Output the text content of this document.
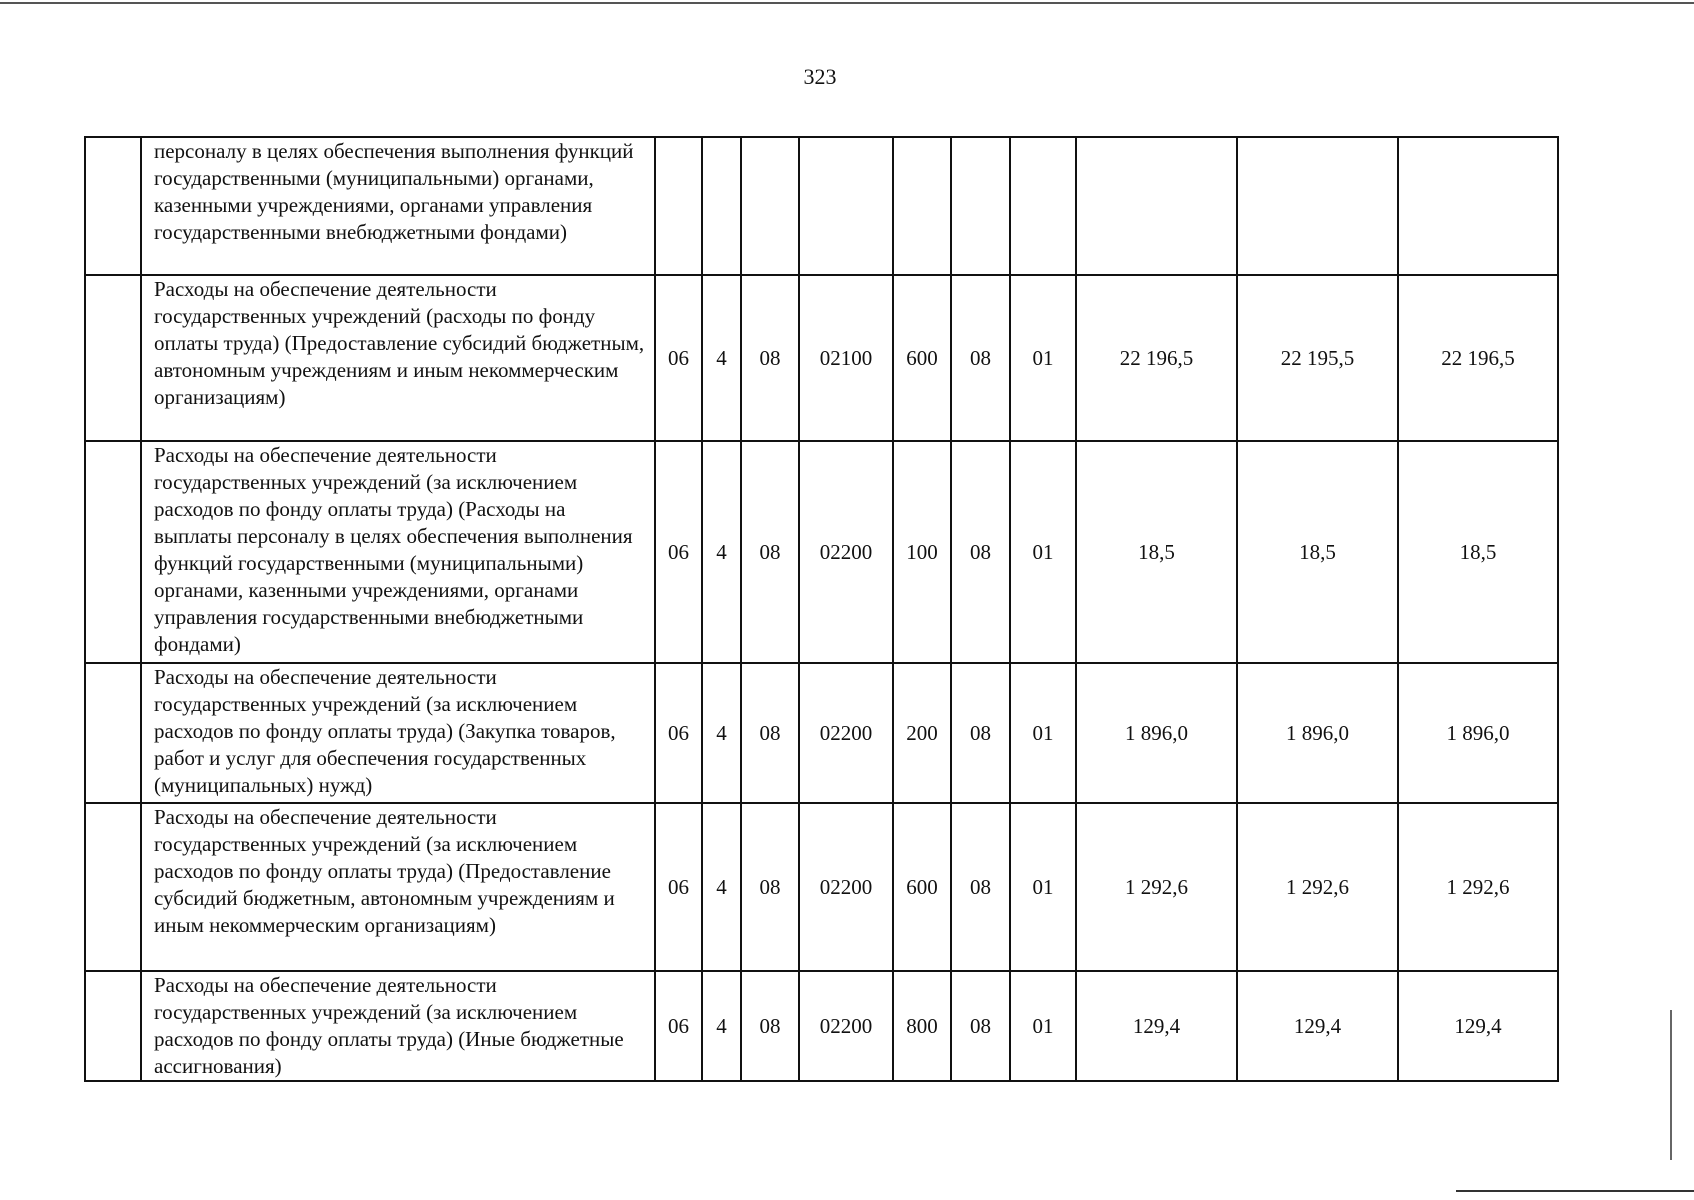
323
	персоналу в целях обеспечения выполнения функций государственными (муниципальными) органами, казенными учреждениями, органами управления государственными внебюджетными фондами)										
	Расходы на обеспечение деятельности государственных учреждений (расходы по фонду оплаты труда) (Предоставление субсидий бюджетным, автономным учреждениям и иным некоммерческим организациям)	06	4	08	02100	600	08	01	22 196,5	22 195,5	22 196,5
	Расходы на обеспечение деятельности государственных учреждений (за исключением расходов по фонду оплаты труда) (Расходы на выплаты персоналу в целях обеспечения выполнения функций государственными (муниципальными) органами, казенными учреждениями, органами управления государственными внебюджетными фондами)	06	4	08	02200	100	08	01	18,5	18,5	18,5
	Расходы на обеспечение деятельности государственных учреждений (за исключением расходов по фонду оплаты труда) (Закупка товаров, работ и услуг для обеспечения государственных (муниципальных) нужд)	06	4	08	02200	200	08	01	1 896,0	1 896,0	1 896,0
	Расходы на обеспечение деятельности государственных учреждений (за исключением расходов по фонду оплаты труда) (Предоставление субсидий бюджетным, автономным учреждениям и иным некоммерческим организациям)	06	4	08	02200	600	08	01	1 292,6	1 292,6	1 292,6
	Расходы на обеспечение деятельности государственных учреждений (за исключением расходов по фонду оплаты труда) (Иные бюджетные ассигнования)	06	4	08	02200	800	08	01	129,4	129,4	129,4
